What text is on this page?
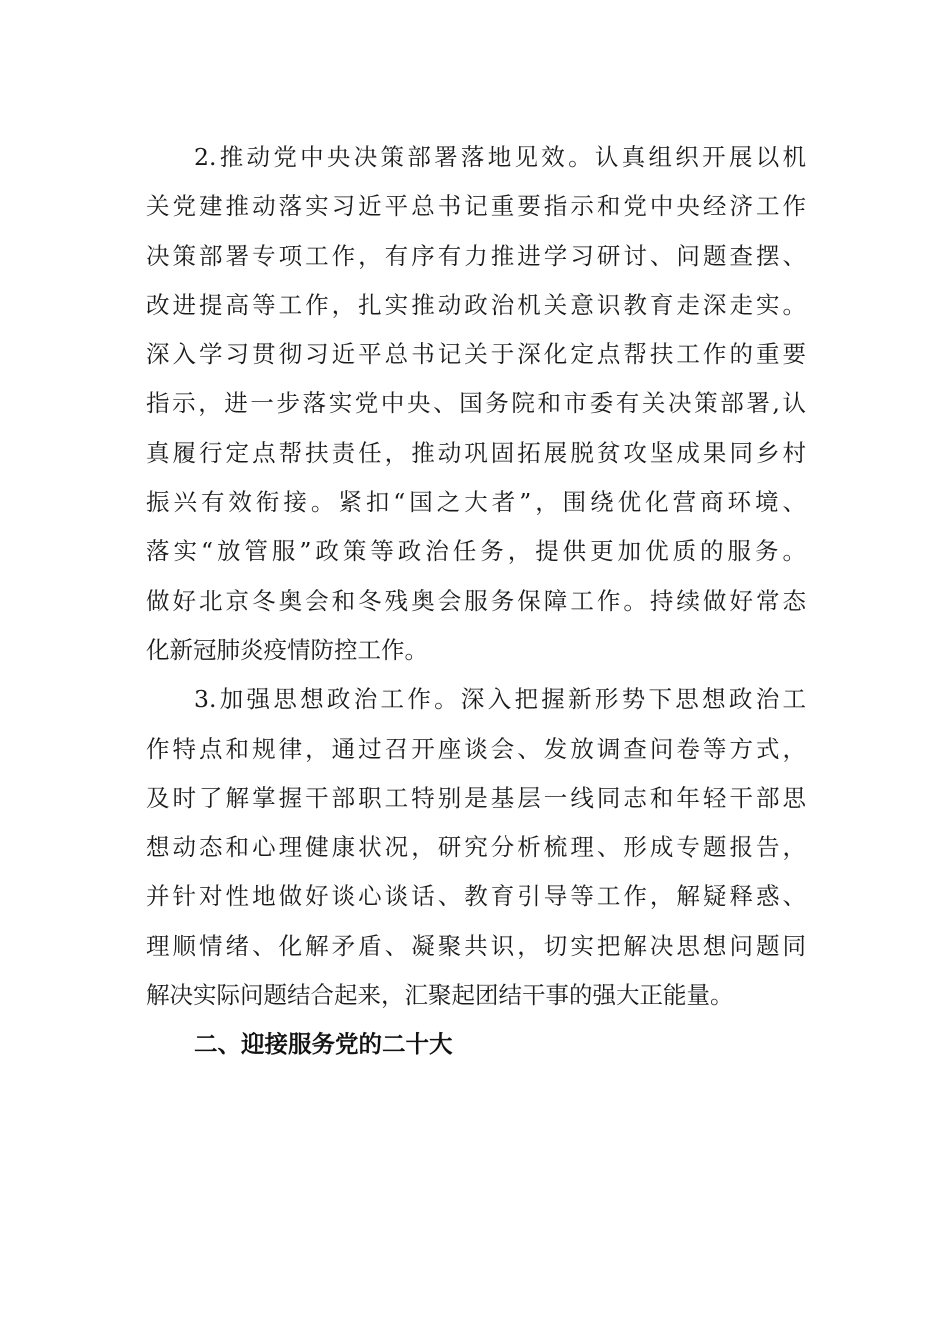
2.推动党中央决策部署落地见效。认真组织开展以机
关党建推动落实习近平总书记重要指示和党中央经济工作
决策部署专项工作，有序有力推进学习研讨、问题查摆、
改进提高等工作，扎实推动政治机关意识教育走深走实。
深入学习贯彻习近平总书记关于深化定点帮扶工作的重要
指示，进一步落实党中央、国务院和市委有关决策部署,认
真履行定点帮扶责任，推动巩固拓展脱贫攻坚成果同乡村
振兴有效衔接。紧扣“国之大者”，围绕优化营商环境、
落实“放管服”政策等政治任务，提供更加优质的服务。
做好北京冬奥会和冬残奥会服务保障工作。持续做好常态
化新冠肺炎疫情防控工作。
3.加强思想政治工作。深入把握新形势下思想政治工
作特点和规律，通过召开座谈会、发放调查问卷等方式，
及时了解掌握干部职工特别是基层一线同志和年轻干部思
想动态和心理健康状况，研究分析梳理、形成专题报告，
并针对性地做好谈心谈话、教育引导等工作，解疑释惑、
理顺情绪、化解矛盾、凝聚共识，切实把解决思想问题同
解决实际问题结合起来，汇聚起团结干事的强大正能量。
二、迎接服务党的二十大
